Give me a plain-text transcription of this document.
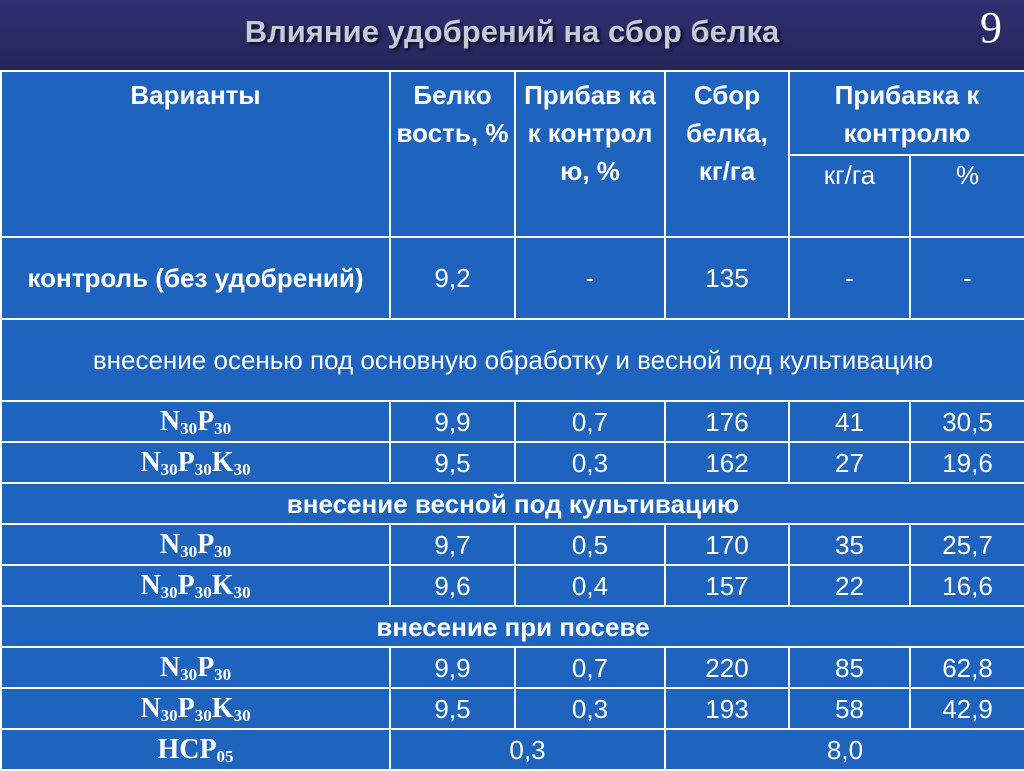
Влияние удобрений на сбор белка	9
Варианты	Белко вость, %	Прибав ка к контрол ю, %	Сбор белка, кг/га	Прибавка к контролю	
				кг/га	%
контроль (без удобрений)	9,2	-	135	-	-
внесение осенью под основную обработку и весной под культивацию					
$N_{30}P_{30}$	9,9	0,7	176	41	30,5
$N_{30}P_{30}K_{30}$	9,5	0,3	162	27	19,6
внесение весной под культивацию					
$N_{30}P_{30}$	9,7	0,5	170	35	25,7
$N_{30}P_{30}K_{30}$	9,6	0,4	157	22	16,6
внесение при посеве					
$N_{30}P_{30}$	9,9	0,7	220	85	62,8
$N_{30}P_{30}K_{30}$	9,5	0,3	193	58	42,9
$НСР_{05}$	0,3		8,0		
